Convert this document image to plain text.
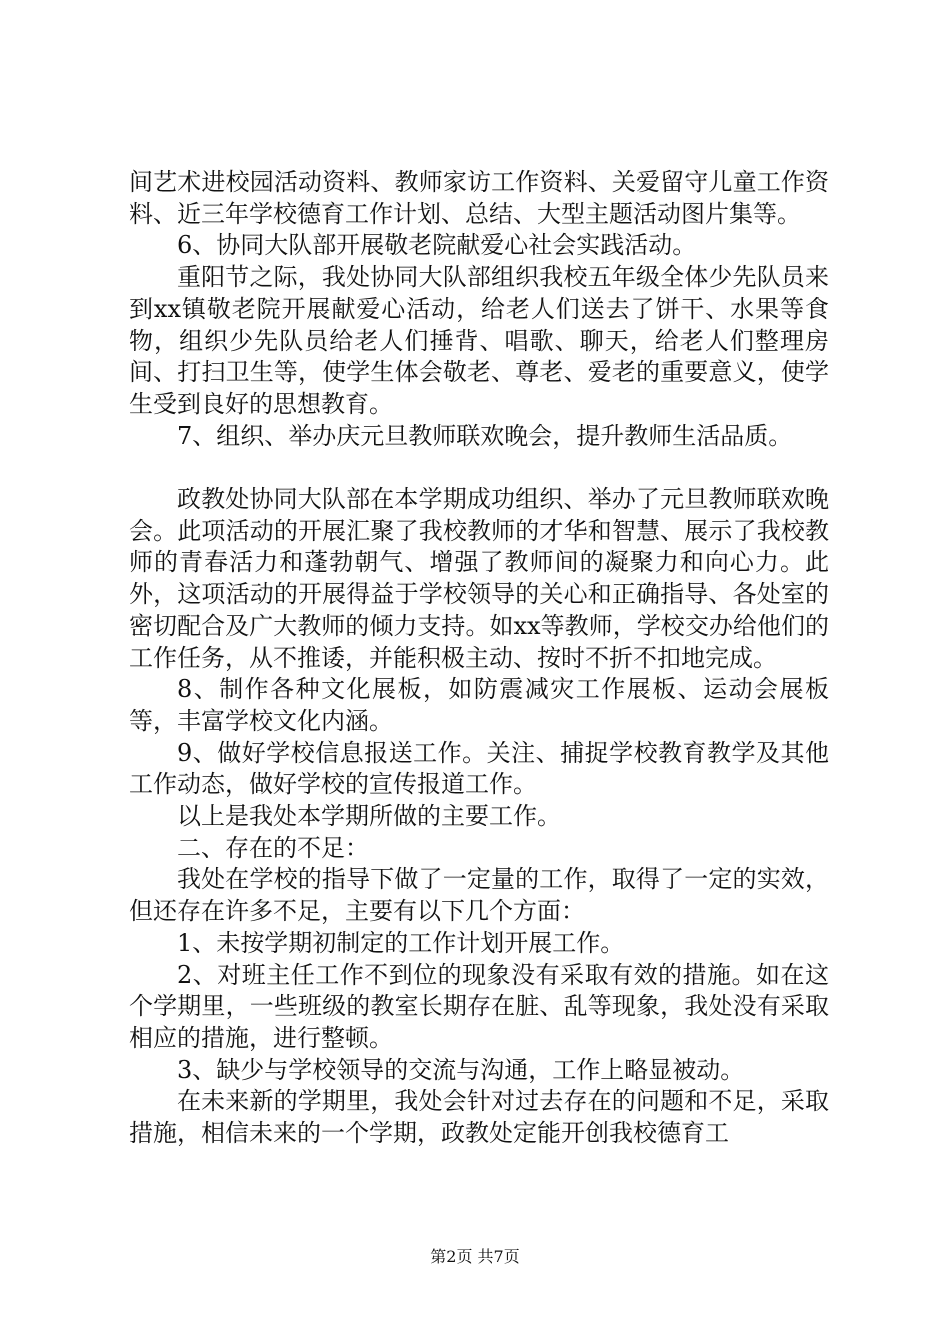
间艺术进校园活动资料、教师家访工作资料、关爱留守儿童工作资料、近三年学校德育工作计划、总结、大型主题活动图片集等。

6、协同大队部开展敬老院献爱心社会实践活动。

重阳节之际，我处协同大队部组织我校五年级全体少先队员来到xx镇敬老院开展献爱心活动，给老人们送去了饼干、水果等食物，组织少先队员给老人们捶背、唱歌、聊天，给老人们整理房间、打扫卫生等，使学生体会敬老、尊老、爱老的重要意义，使学生受到良好的思想教育。

7、组织、举办庆元旦教师联欢晚会，提升教师生活品质。

政教处协同大队部在本学期成功组织、举办了元旦教师联欢晚会。此项活动的开展汇聚了我校教师的才华和智慧、展示了我校教师的青春活力和蓬勃朝气、增强了教师间的凝聚力和向心力。此外，这项活动的开展得益于学校领导的关心和正确指导、各处室的密切配合及广大教师的倾力支持。如xx等教师，学校交办给他们的工作任务，从不推诿，并能积极主动、按时不折不扣地完成。

8、制作各种文化展板，如防震减灾工作展板、运动会展板等，丰富学校文化内涵。

9、做好学校信息报送工作。关注、捕捉学校教育教学及其他工作动态，做好学校的宣传报道工作。

以上是我处本学期所做的主要工作。

二、存在的不足：

我处在学校的指导下做了一定量的工作，取得了一定的实效，但还存在许多不足，主要有以下几个方面：

1、未按学期初制定的工作计划开展工作。

2、对班主任工作不到位的现象没有采取有效的措施。如在这个学期里，一些班级的教室长期存在脏、乱等现象，我处没有采取相应的措施，进行整顿。

3、缺少与学校领导的交流与沟通，工作上略显被动。

在未来新的学期里，我处会针对过去存在的问题和不足，采取措施，相信未来的一个学期，政教处定能开创我校德育工

第2页 共7页
